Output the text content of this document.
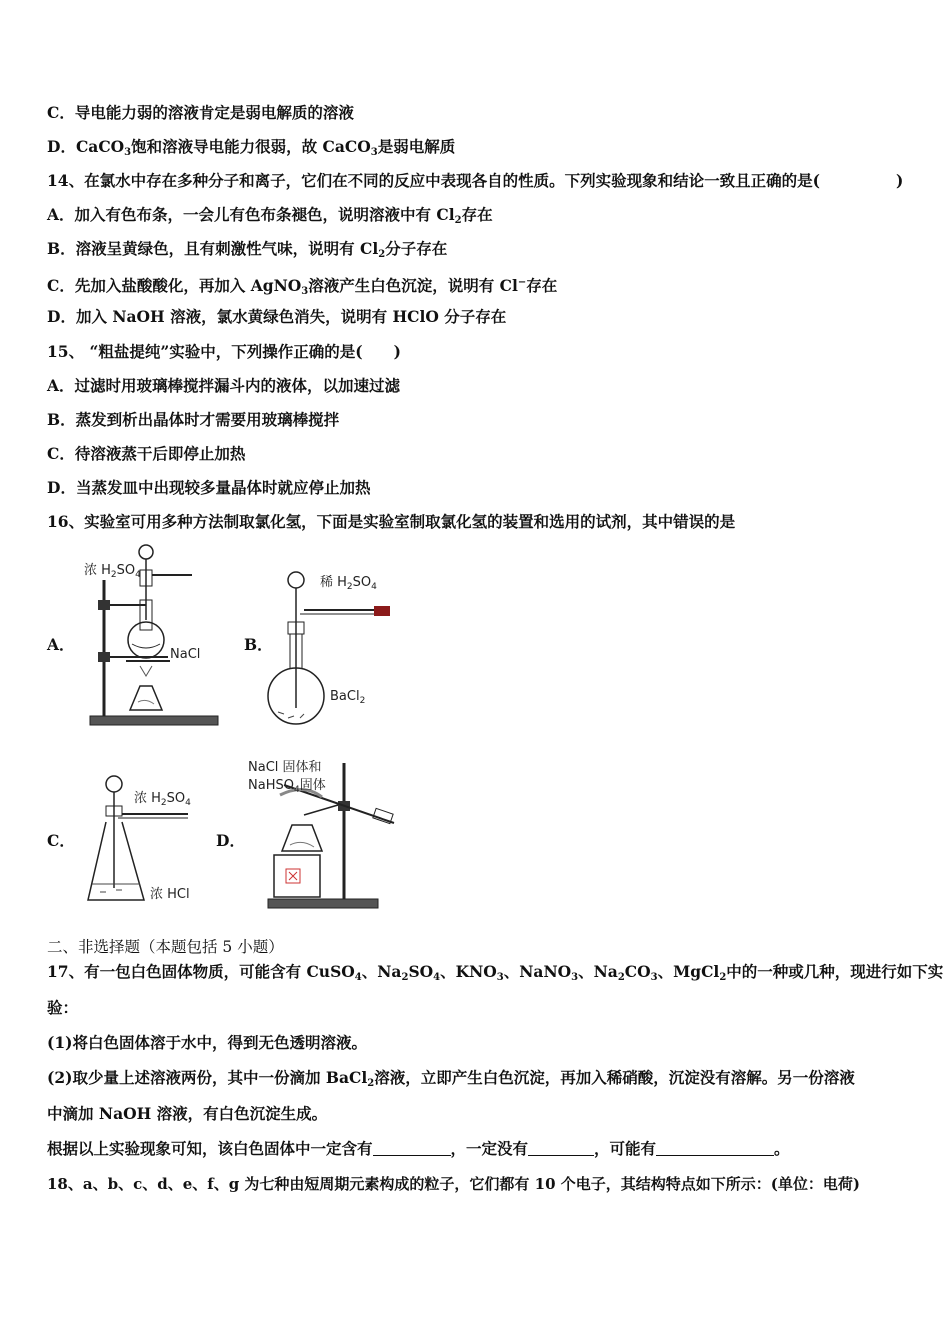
C．导电能力弱的溶液肯定是弱电解质的溶液
D．CaCO$_3$饱和溶液导电能力很弱，故 CaCO$_3$是弱电解质
14、在氯水中存在多种分子和离子，它们在不同的反应中表现各自的性质。下列实验现象和结论一致且正确的是(	)
A．加入有色布条，一会儿有色布条褪色，说明溶液中有 $Cl_2$存在
B．溶液呈黄绿色，且有刺激性气味，说明有 $Cl_2$分子存在
C．先加入盐酸酸化，再加入 AgNO$_3$溶液产生白色沉淀，说明有 Cl−存在
D．加入 NaOH 溶液，氯水黄绿色消失，说明有 HClO 分子存在
15、 “粗盐提纯”实验中，下列操作正确的是(　　)
A．过滤时用玻璃棒搅拌漏斗内的液体，以加速过滤
B．蒸发到析出晶体时才需要用玻璃棒搅拌
C．待溶液蒸干后即停止加热
D．当蒸发皿中出现较多量晶体时就应停止加热
16、实验室可用多种方法制取氯化氢，下面是实验室制取氯化氢的装置和选用的试剂，其中错误的是
A．	B．
C．	D．
浓 $H_2SO_4$
NaCl
稀 $H_2SO_4$
BaCl$_2$
浓 $H_2SO_4$
浓 HCl
NaCl 固体和
NaHSO$_4$固体
二、非选择题（本题包括 5 小题）
17、有一包白色固体物质，可能含有 CuSO$_4$、$Na_2SO_4$、$KNO_3$、NaNO$_3$、$Na_2CO_3$、MgCl$_2$中的一种或几种，现进行如下实
验：
(1)将白色固体溶于水中，得到无色透明溶液。
(2)取少量上述溶液两份，其中一份滴加 BaCl$_2$溶液，立即产生白色沉淀，再加入稀硝酸，沉淀没有溶解。另一份溶液
中滴加 NaOH 溶液，有白色沉淀生成。
根据以上实验现象可知，该白色固体中一定含有	，一定没有	，可能有	。
18、a、b、c、d、e、f、g 为七种由短周期元素构成的粒子，它们都有 10 个电子，其结构特点如下所示：(单位：电荷)
